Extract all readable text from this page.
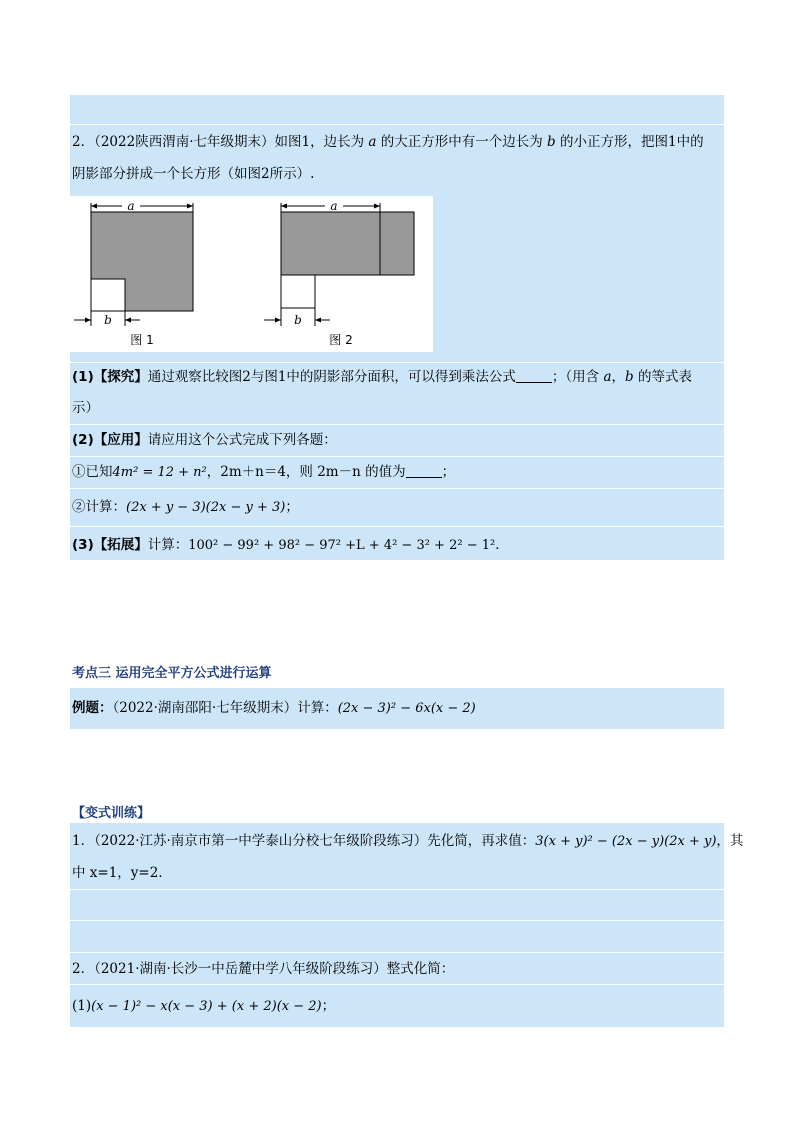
2．（2022陕西渭南·七年级期末）如图1，边长为 a 的大正方形中有一个边长为 b 的小正方形，把图1中的
阴影部分拼成一个长方形（如图2所示）.
a
b
图 1
a
b
图 2
(1)【探究】通过观察比较图2与图1中的阴影部分面积，可以得到乘法公式	；（用含 a，b 的等式表
示）
(2)【应用】请应用这个公式完成下列各题：
①已知4m² = 12 + n²，2m＋n＝4，则 2m－n 的值为	；
②计算：(2x + y − 3)(2x − y + 3)；
(3)【拓展】计算：100² − 99² + 98² − 97² +L + 4² − 3² + 2² − 1²．
考点三 运用完全平方公式进行运算
例题：（2022·湖南邵阳·七年级期末）计算：(2x − 3)² − 6x(x − 2)
【变式训练】
1．（2022·江苏·南京市第一中学泰山分校七年级阶段练习）先化简，再求值：3(x + y)² − (2x − y)(2x + y)，其
中 x=1，y=2．
2．（2021·湖南·长沙一中岳麓中学八年级阶段练习）整式化简：
(1)(x − 1)² − x(x − 3) + (x + 2)(x − 2)；
